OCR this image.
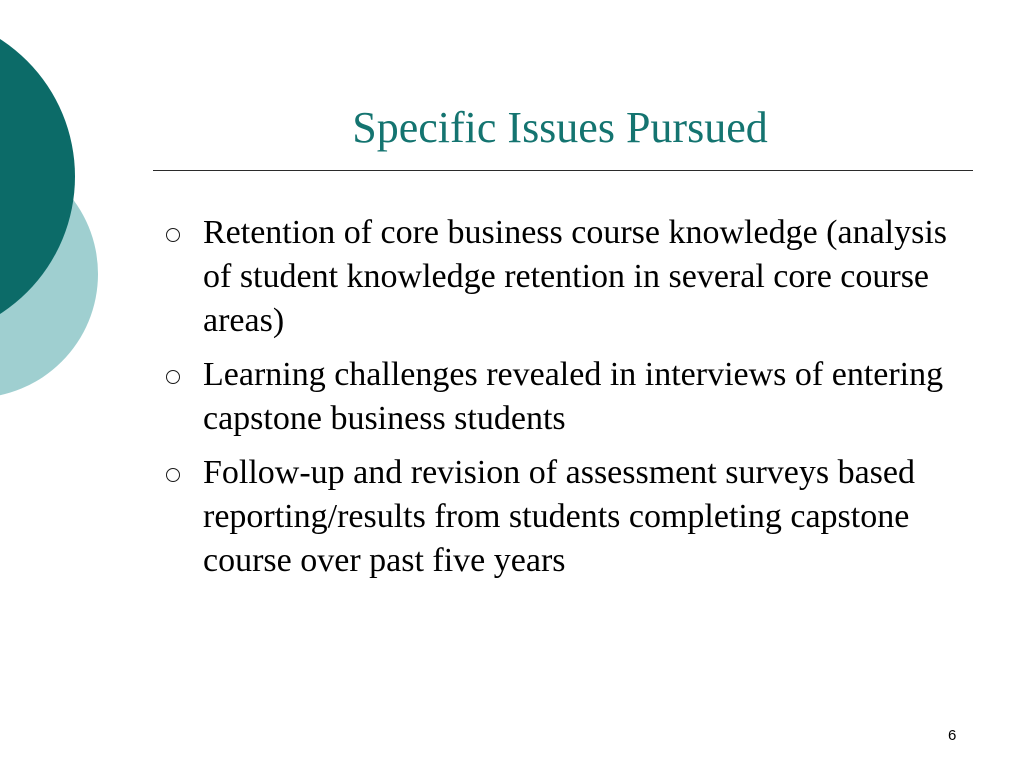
Specific Issues Pursued
Retention of core business course knowledge (analysis of student knowledge retention in several core course areas)
Learning challenges revealed in interviews of entering capstone business students
Follow-up and revision of assessment surveys based reporting/results from students completing capstone course over past five years
6
